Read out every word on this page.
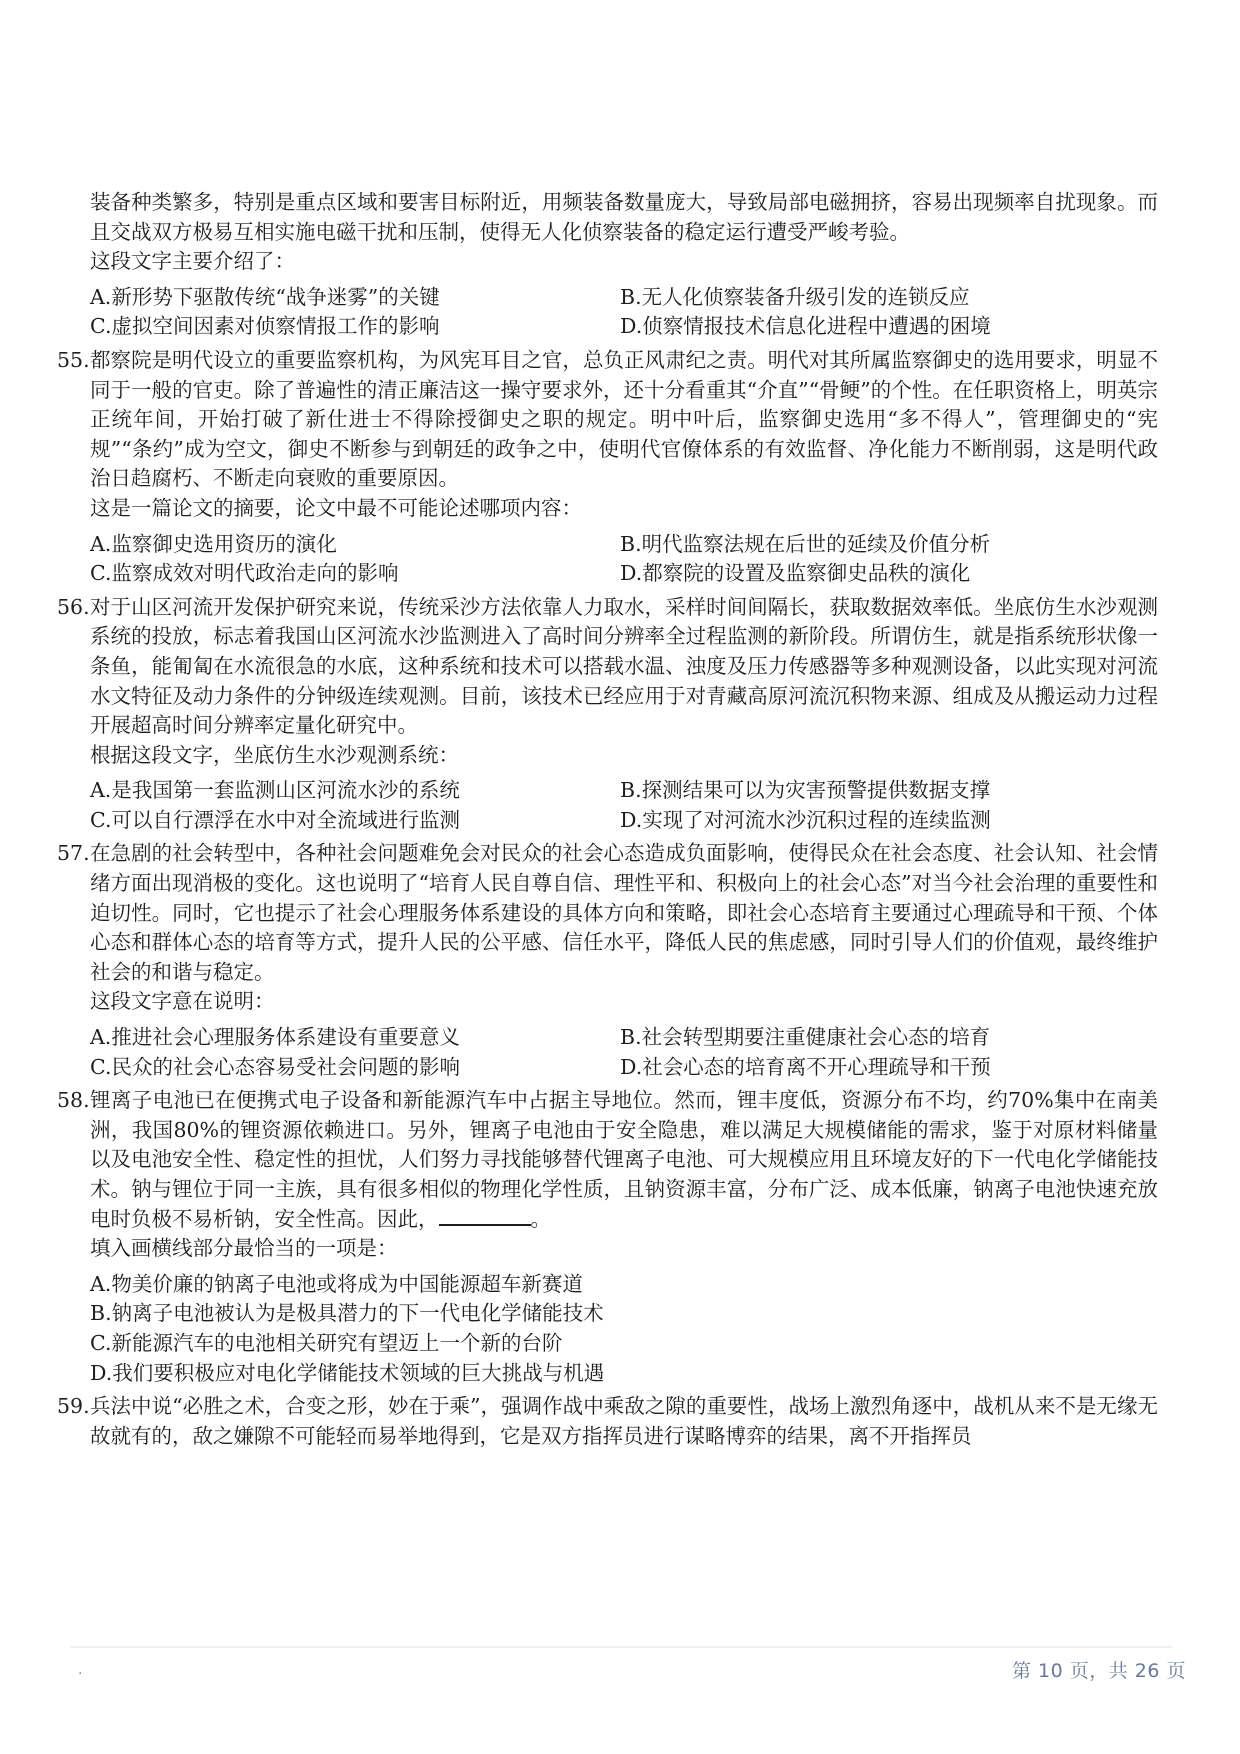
装备种类繁多，特别是重点区域和要害目标附近，用频装备数量庞大，导致局部电磁拥挤，容易出现频率自扰现象。而且交战双方极易互相实施电磁干扰和压制，使得无人化侦察装备的稳定运行遭受严峻考验。

这段文字主要介绍了：

A.新形势下驱散传统“战争迷雾”的关键	B.无人化侦察装备升级引发的连锁反应
C.虚拟空间因素对侦察情报工作的影响	D.侦察情报技术信息化进程中遭遇的困境

55. 都察院是明代设立的重要监察机构，为风宪耳目之官，总负正风肃纪之责。明代对其所属监察御史的选用要求，明显不同于一般的官吏。除了普遍性的清正廉洁这一操守要求外，还十分看重其“介直”“骨鲠”的个性。在任职资格上，明英宗正统年间，开始打破了新仕进士不得除授御史之职的规定。明中叶后，监察御史选用“多不得人”，管理御史的“宪规”“条约”成为空文，御史不断参与到朝廷的政争之中，使明代官僚体系的有效监督、净化能力不断削弱，这是明代政治日趋腐朽、不断走向衰败的重要原因。

这是一篇论文的摘要，论文中最不可能论述哪项内容：

A.监察御史选用资历的演化	B.明代监察法规在后世的延续及价值分析
C.监察成效对明代政治走向的影响	D.都察院的设置及监察御史品秩的演化

56. 对于山区河流开发保护研究来说，传统采沙方法依靠人力取水，采样时间间隔长，获取数据效率低。坐底仿生水沙观测系统的投放，标志着我国山区河流水沙监测进入了高时间分辨率全过程监测的新阶段。所谓仿生，就是指系统形状像一条鱼，能匍匐在水流很急的水底，这种系统和技术可以搭载水温、浊度及压力传感器等多种观测设备，以此实现对河流水文特征及动力条件的分钟级连续观测。目前，该技术已经应用于对青藏高原河流沉积物来源、组成及从搬运动力过程开展超高时间分辨率定量化研究中。

根据这段文字，坐底仿生水沙观测系统：

A.是我国第一套监测山区河流水沙的系统	B.探测结果可以为灾害预警提供数据支撑
C.可以自行漂浮在水中对全流域进行监测	D.实现了对河流水沙沉积过程的连续监测

57. 在急剧的社会转型中，各种社会问题难免会对民众的社会心态造成负面影响，使得民众在社会态度、社会认知、社会情绪方面出现消极的变化。这也说明了“培育人民自尊自信、理性平和、积极向上的社会心态”对当今社会治理的重要性和迫切性。同时，它也提示了社会心理服务体系建设的具体方向和策略，即社会心态培育主要通过心理疏导和干预、个体心态和群体心态的培育等方式，提升人民的公平感、信任水平，降低人民的焦虑感，同时引导人们的价值观，最终维护社会的和谐与稳定。

这段文字意在说明：

A.推进社会心理服务体系建设有重要意义	B.社会转型期要注重健康社会心态的培育
C.民众的社会心态容易受社会问题的影响	D.社会心态的培育离不开心理疏导和干预

58. 锂离子电池已在便携式电子设备和新能源汽车中占据主导地位。然而，锂丰度低，资源分布不均，约70%集中在南美洲，我国80%的锂资源依赖进口。另外，锂离子电池由于安全隐患，难以满足大规模储能的需求，鉴于对原材料储量以及电池安全性、稳定性的担忧，人们努力寻找能够替代锂离子电池、可大规模应用且环境友好的下一代电化学储能技术。钠与锂位于同一主族，具有很多相似的物理化学性质，且钠资源丰富，分布广泛、成本低廉，钠离子电池快速充放电时负极不易析钠，安全性高。因此，	。

填入画横线部分最恰当的一项是：

A.物美价廉的钠离子电池或将成为中国能源超车新赛道
B.钠离子电池被认为是极具潜力的下一代电化学储能技术
C.新能源汽车的电池相关研究有望迈上一个新的台阶
D.我们要积极应对电化学储能技术领域的巨大挑战与机遇

59. 兵法中说“必胜之术，合变之形，妙在于乘”，强调作战中乘敌之隙的重要性，战场上激烈角逐中，战机从来不是无缘无故就有的，敌之嫌隙不可能轻而易举地得到，它是双方指挥员进行谋略博弈的结果，离不开指挥员

·	第 10 页，共 26 页
